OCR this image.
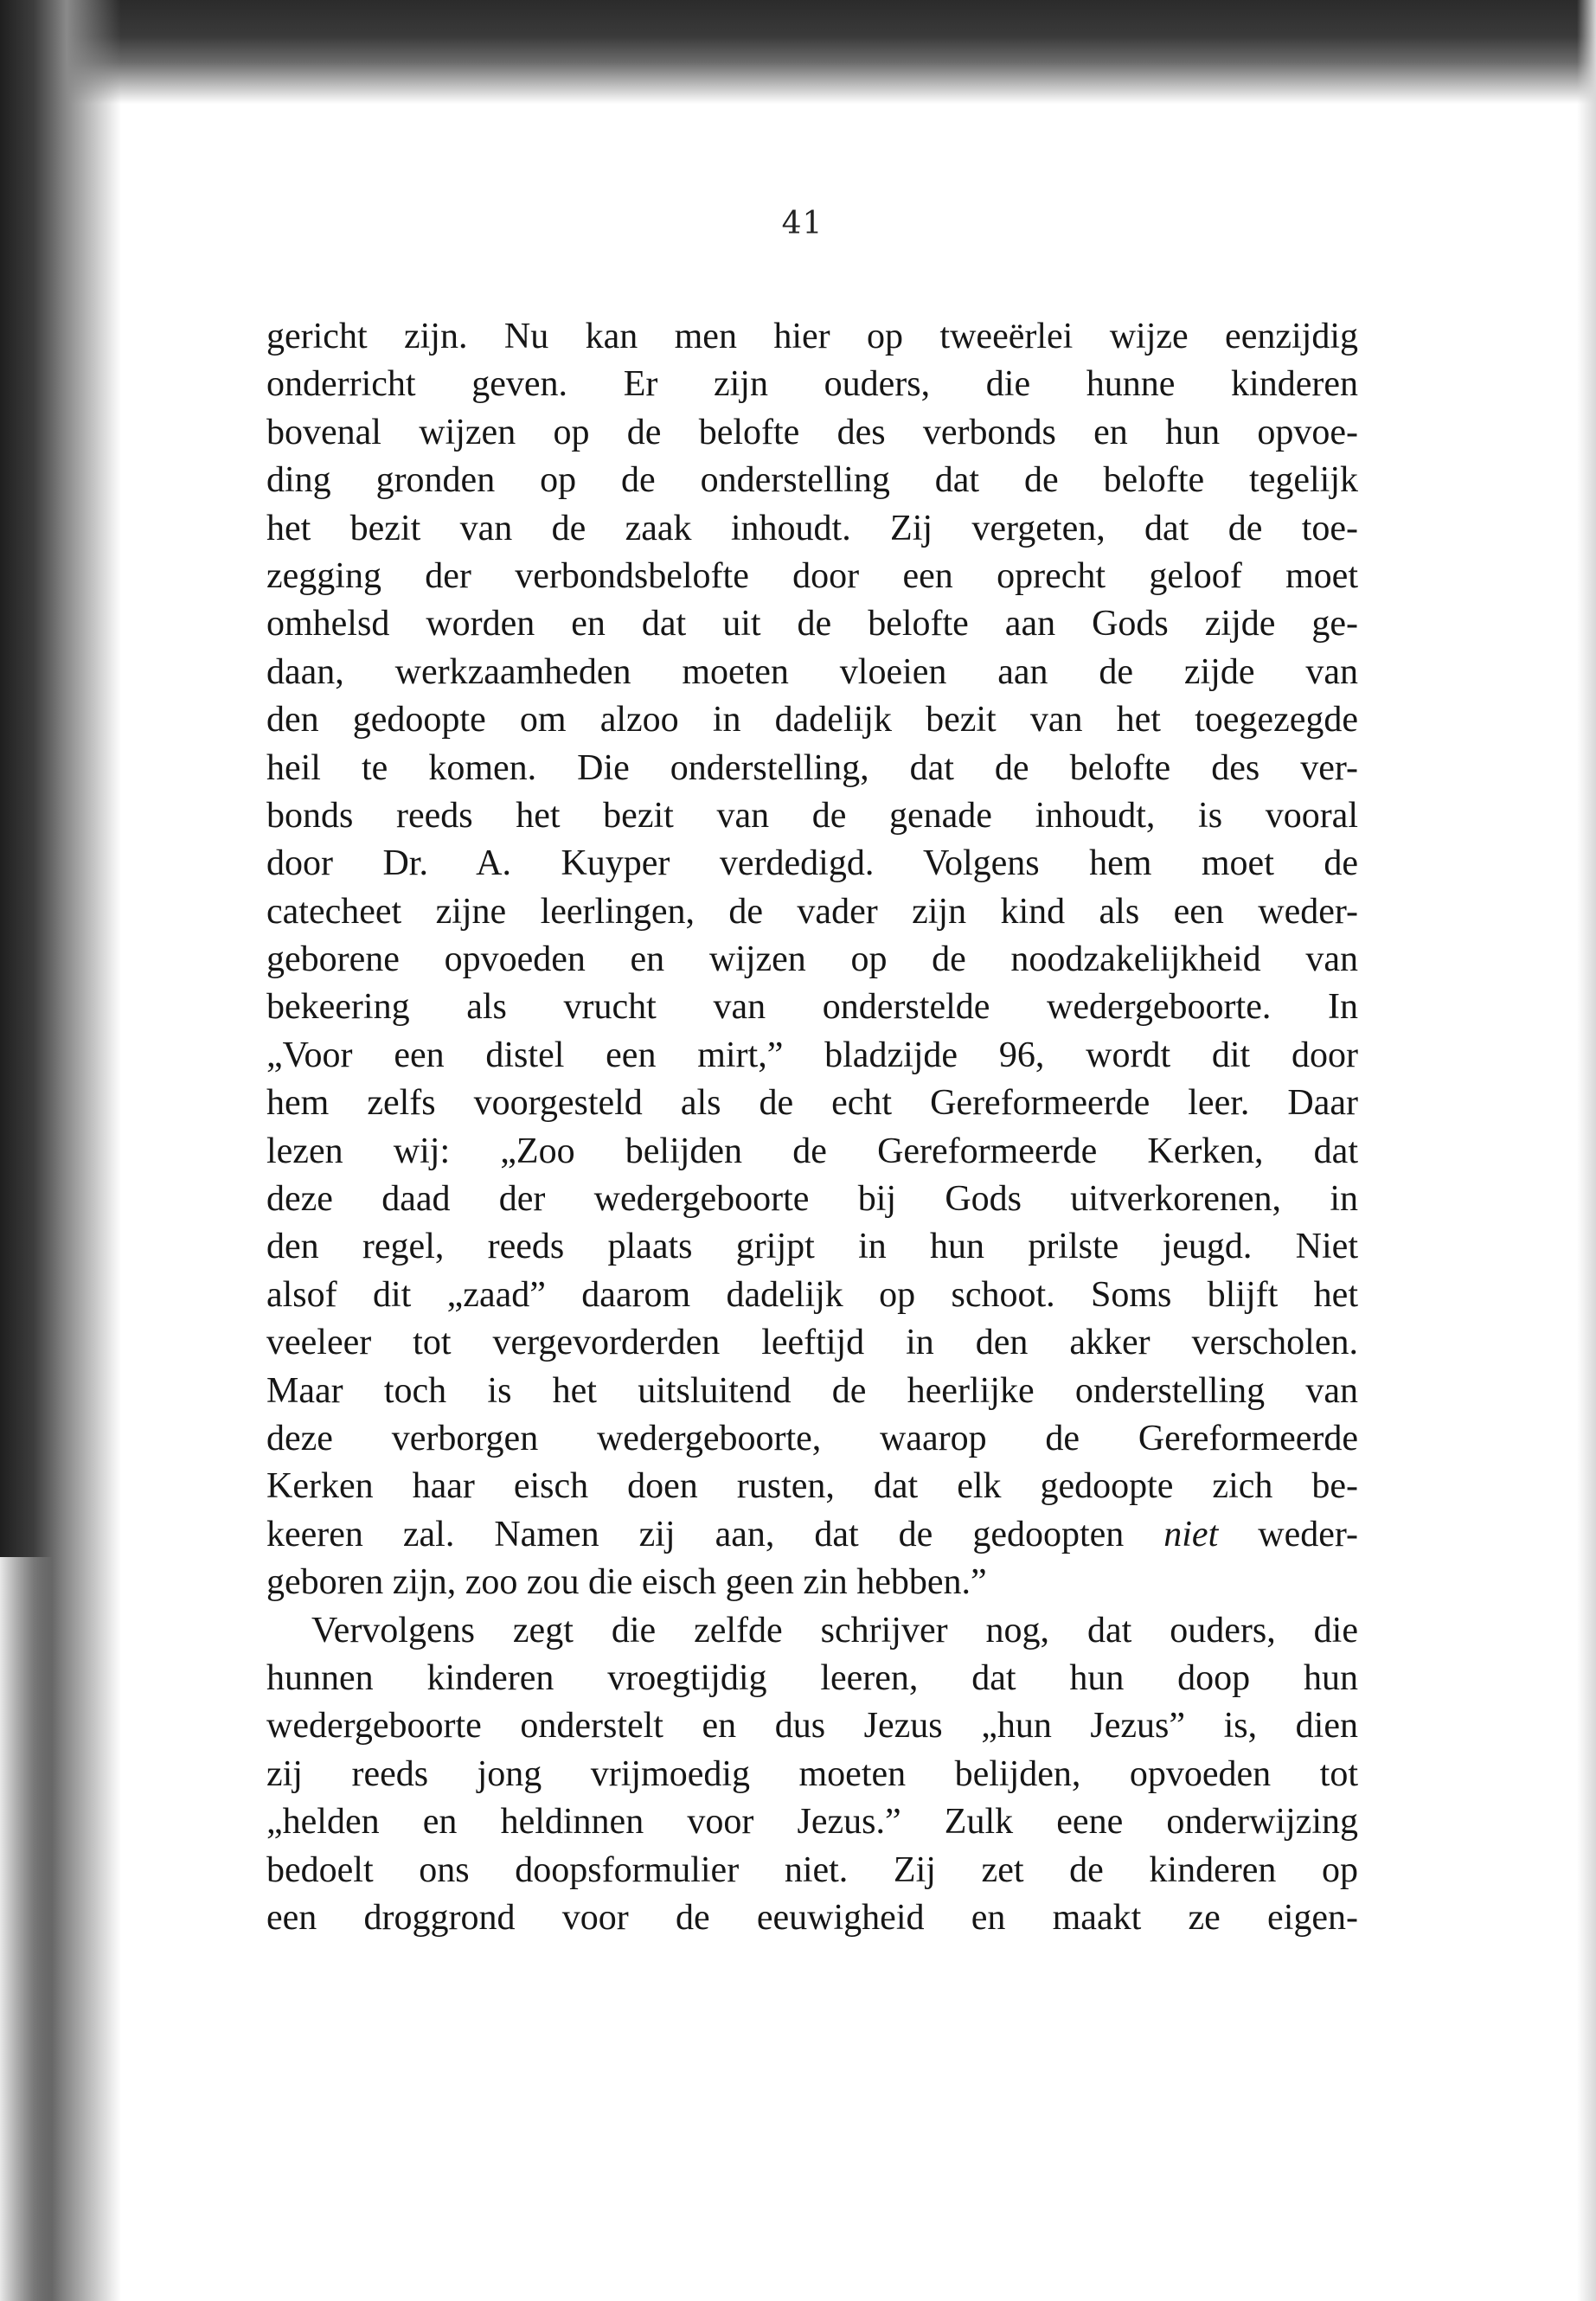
41
gericht zijn. Nu kan men hier op tweeërlei wijze eenzijdig
onderricht geven. Er zijn ouders, die hunne kinderen
bovenal wijzen op de belofte des verbonds en hun opvoe-
ding gronden op de onderstelling dat de belofte tegelijk
het bezit van de zaak inhoudt. Zij vergeten, dat de toe-
zegging der verbondsbelofte door een oprecht geloof moet
omhelsd worden en dat uit de belofte aan Gods zijde ge-
daan, werkzaamheden moeten vloeien aan de zijde van
den gedoopte om alzoo in dadelijk bezit van het toegezegde
heil te komen. Die onderstelling, dat de belofte des ver-
bonds reeds het bezit van de genade inhoudt, is vooral
door Dr. A. Kuyper verdedigd. Volgens hem moet de
catecheet zijne leerlingen, de vader zijn kind als een weder-
geborene opvoeden en wijzen op de noodzakelijkheid van
bekeering als vrucht van onderstelde wedergeboorte. In
„Voor een distel een mirt,” bladzijde 96, wordt dit door
hem zelfs voorgesteld als de echt Gereformeerde leer. Daar
lezen wij: „Zoo belijden de Gereformeerde Kerken, dat
deze daad der wedergeboorte bij Gods uitverkorenen, in
den regel, reeds plaats grijpt in hun prilste jeugd. Niet
alsof dit „zaad” daarom dadelijk op schoot. Soms blijft het
veeleer tot vergevorderden leeftijd in den akker verscholen.
Maar toch is het uitsluitend de heerlijke onderstelling van
deze verborgen wedergeboorte, waarop de Gereformeerde
Kerken haar eisch doen rusten, dat elk gedoopte zich be-
keeren zal. Namen zij aan, dat de gedoopten niet weder-
geboren zijn, zoo zou die eisch geen zin hebben.”
Vervolgens zegt die zelfde schrijver nog, dat ouders, die
hunnen kinderen vroegtijdig leeren, dat hun doop hun
wedergeboorte onderstelt en dus Jezus „hun Jezus” is, dien
zij reeds jong vrijmoedig moeten belijden, opvoeden tot
„helden en heldinnen voor Jezus.” Zulk eene onderwijzing
bedoelt ons doopsformulier niet. Zij zet de kinderen op
een droggrond voor de eeuwigheid en maakt ze eigen-
